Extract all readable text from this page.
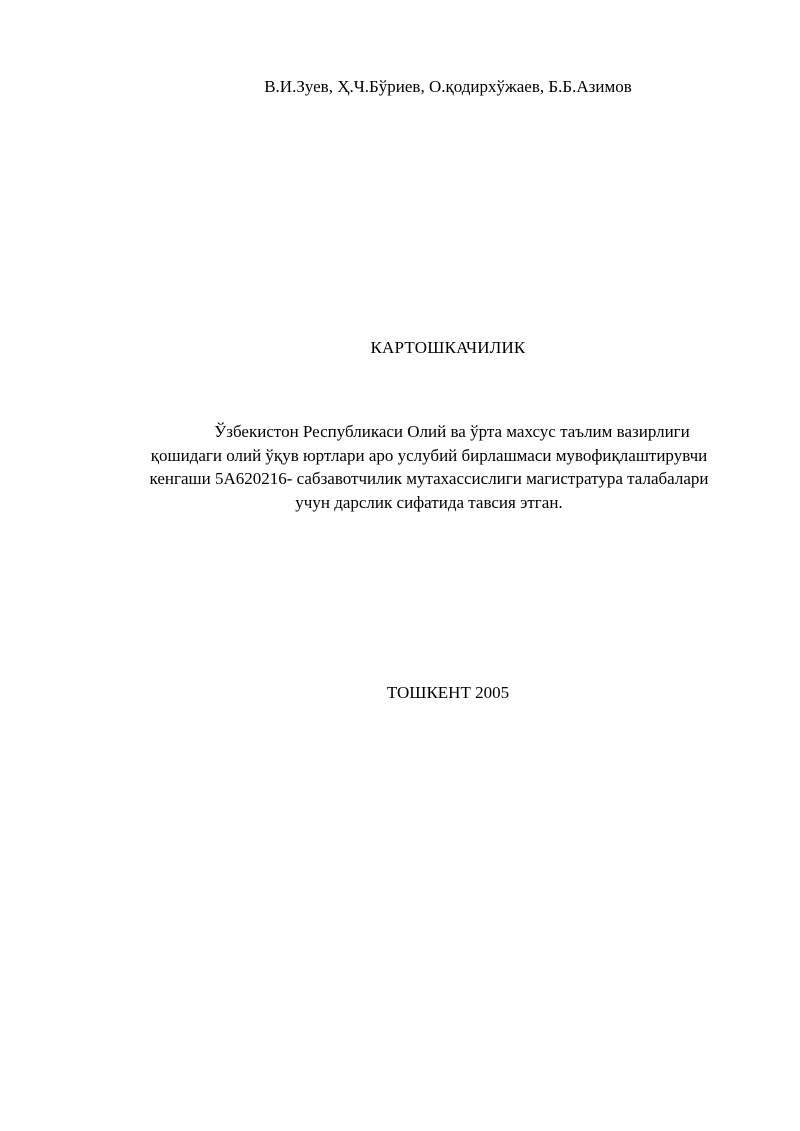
В.И.Зуев, Ҳ.Ч.Бўриев, О.қодирхўжаев, Б.Б.Азимов
КАРТОШКАЧИЛИК
Ўзбекистон Республикаси Олий ва ўрта махсус таълим вазирлиги
қошидаги олий ўқув юртлари аро услубий бирлашмаси мувофиқлаштирувчи
кенгаши 5А620216- сабзавотчилик мутахассислиги магистратура талабалари
учун дарслик сифатида тавсия этган.
ТОШКЕНТ 2005
